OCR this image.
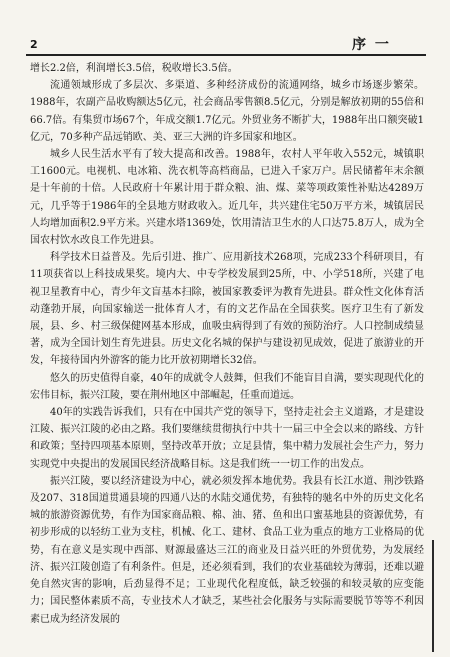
2	序 一

增长2.2倍，利润增长3.5倍，税收增长3.5倍。

流通领域形成了多层次、多渠道、多种经济成份的流通网络，城乡市场逐步繁荣。1988年，农副产品收购额达5亿元，社会商品零售额8.5亿元，分别是解放初期的55倍和66.7倍。有集贸市场67个，年成交额1.7亿元。外贸业务不断扩大，1988年出口额突破1亿元，70多种产品远销欧、美、亚三大洲的许多国家和地区。

城乡人民生活水平有了较大提高和改善。1988年，农村人平年收入552元，城镇职工1600元。电视机、电冰箱、洗衣机等高档商品，已进入千家万户。居民储蓄年末余额是十年前的十倍。人民政府十年累计用于群众粮、油、煤、菜等项政策性补贴达4289万元，几乎等于1986年的全县地方财政收入。近几年，共兴建住宅50万平方米，城镇居民人均增加面积2.9平方米。兴建水塔1369处，饮用清洁卫生水的人口达75.8万人，成为全国农村饮水改良工作先进县。

科学技术日益普及。先后引进、推广、应用新技术268项，完成233个科研项目，有11项获省以上科技成果奖。境内大、中专学校发展到25所，中、小学518所，兴建了电视卫星教育中心，青少年文盲基本扫除，被国家教委评为教育先进县。群众性文化体育活动蓬勃开展，向国家输送一批体育人才，有的文艺作品在全国获奖。医疗卫生有了新发展，县、乡、村三级保健网基本形成，血吸虫病得到了有效的预防治疗。人口控制成绩显著，成为全国计划生育先进县。历史文化名城的保护与建设初见成效，促进了旅游业的开发，年接待国内外游客的能力比开放初期增长32倍。

悠久的历史值得自豪，40年的成就令人鼓舞，但我们不能盲目自满，要实现现代化的宏伟目标，振兴江陵，要在荆州地区中部崛起，任重而道远。

40年的实践告诉我们，只有在中国共产党的领导下，坚持走社会主义道路，才是建设江陵、振兴江陵的必由之路。我们要继续贯彻执行中共十一届三中全会以来的路线、方针和政策；坚持四项基本原则，坚持改革开放；立足县情，集中精力发展社会生产力，努力实现党中央提出的发展国民经济战略目标。这是我们统一一切工作的出发点。

振兴江陵，要以经济建设为中心，就必须发挥本地优势。我县有长江水道、荆沙铁路及207、318国道贯通县境的四通八达的水陆交通优势，有独特的驰名中外的历史文化名城的旅游资源优势，有作为国家商品粮、棉、油、猪、鱼和出口蜜基地县的资源优势，有初步形成的以轻纺工业为支柱，机械、化工、建材、食品工业为重点的地方工业格局的优势，有在意义是实现中西部、财源最盛达三江的商业及日益兴旺的外贸优势，为发展经济、振兴江陵创造了有利条件。但是，还必须看到，我们的农业基础较为薄弱，还难以避免自然灾害的影响，后劲显得不足；工业现代化程度低，缺乏较强的和较灵敏的应变能力；国民整体素质不高，专业技术人才缺乏，某些社会化服务与实际需要脱节等等不利因素已成为经济发展的
